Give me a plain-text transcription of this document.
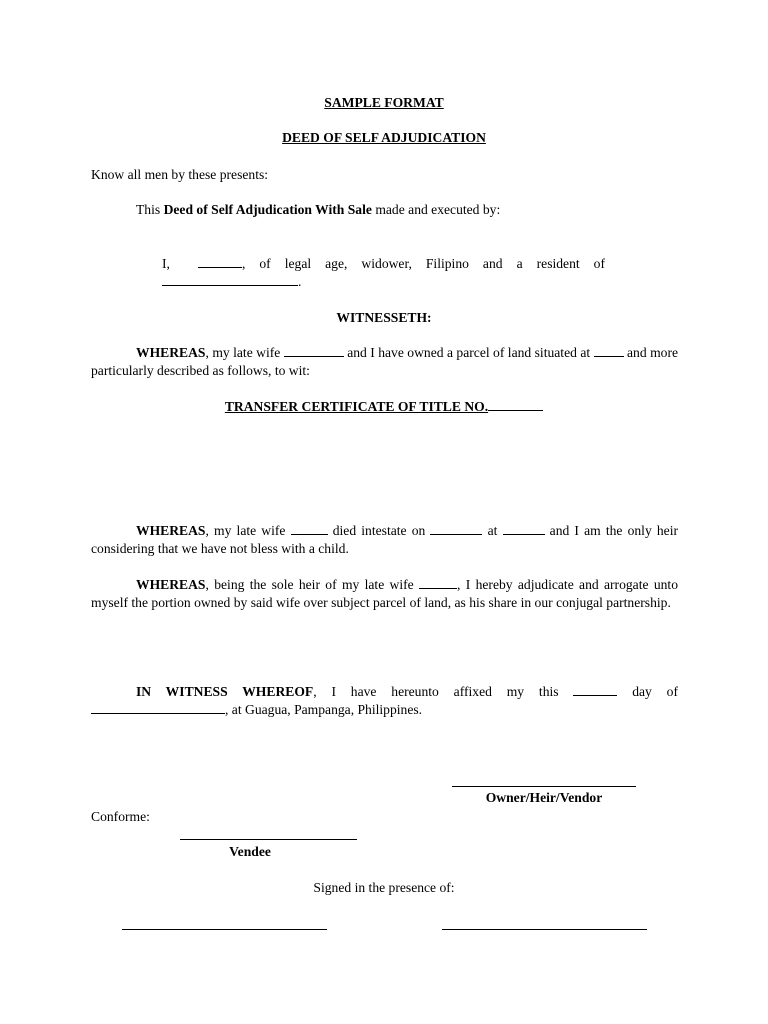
SAMPLE FORMAT
DEED OF SELF ADJUDICATION
Know all men by these presents:
This Deed of Self Adjudication With Sale made and executed by:
I,	, of legal age, widower, Filipino and a resident of
.
WITNESSETH:
WHEREAS, my late wife	and I have owned a parcel of land situated at  and more particularly described as follows, to wit:
TRANSFER CERTIFICATE OF TITLE NO.
WHEREAS, my late wife	died intestate on	at	and I am the only heir considering that we have not bless with a child.
WHEREAS, being the sole heir of my late wife	, I hereby adjudicate and arrogate unto myself the portion owned by said wife over subject parcel of land, as his share in our conjugal partnership.
IN WITNESS WHEREOF, I have hereunto affixed my this	day of
, at Guagua, Pampanga, Philippines.
Owner/Heir/Vendor
Conforme:
Vendee
Signed in the presence of:
